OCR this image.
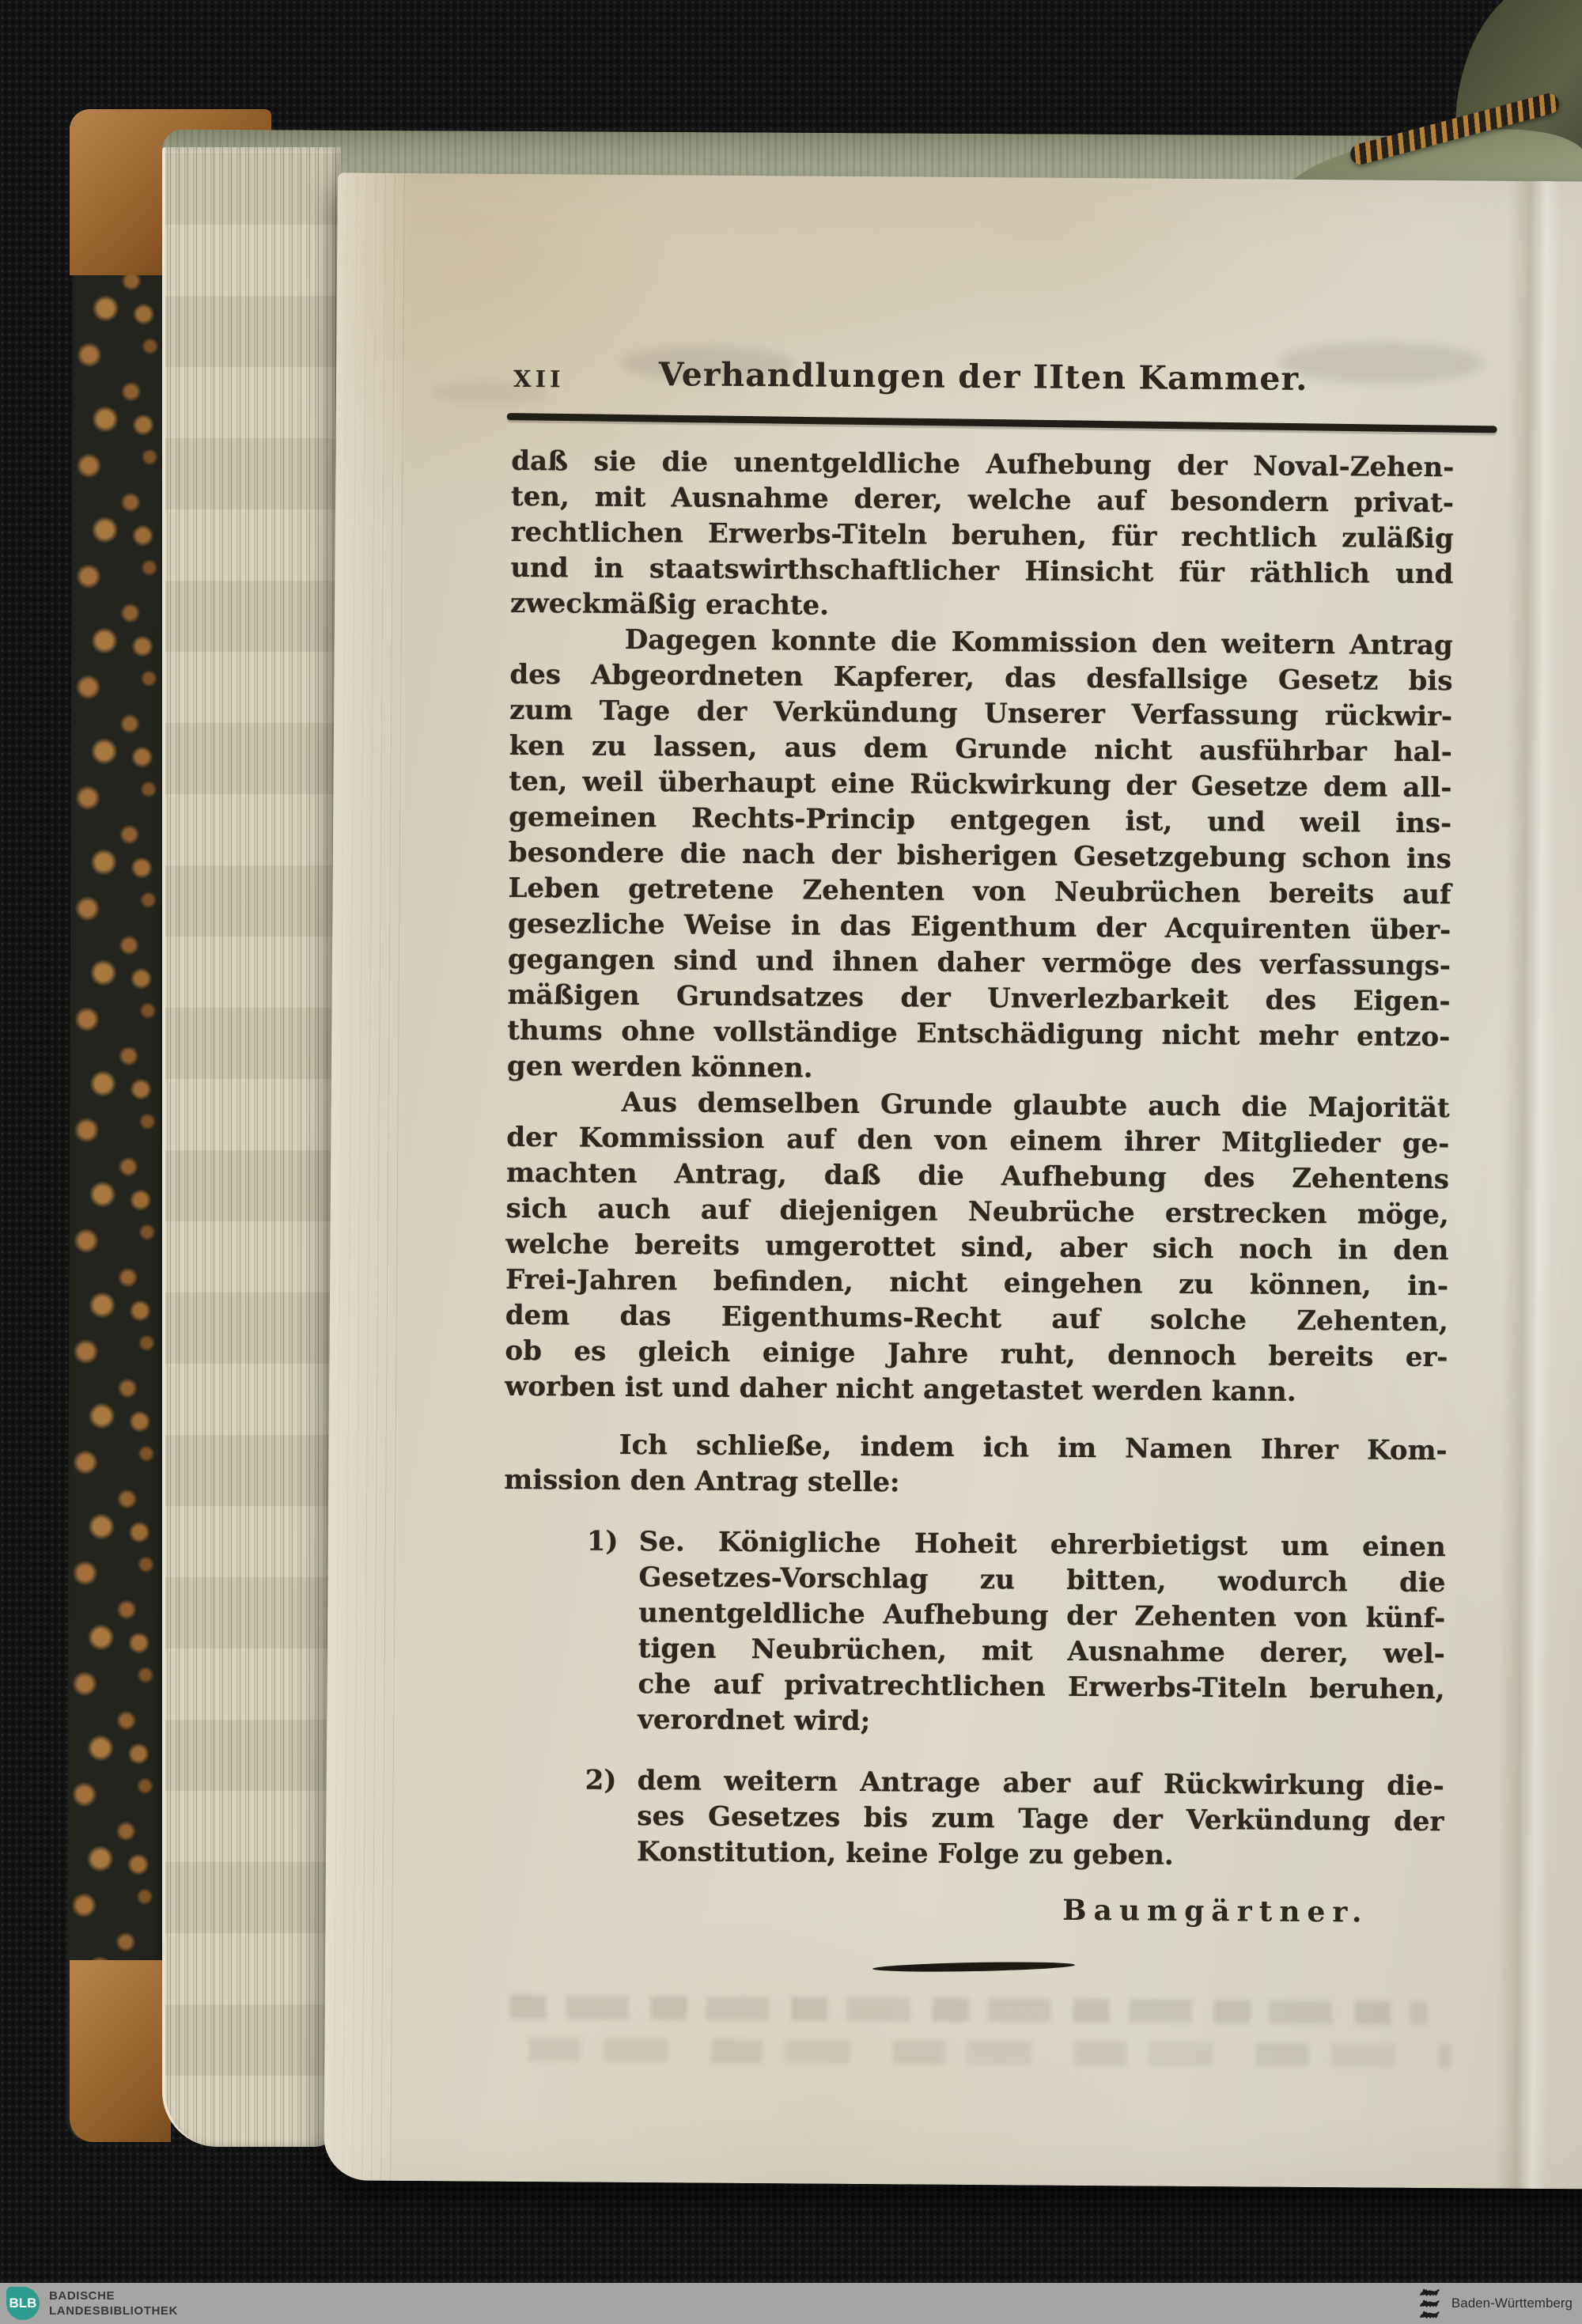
XII	Verhandlungen der IIten Kammer.
daß sie die unentgeldliche Aufhebung der Noval-Zehen-
ten, mit Ausnahme derer, welche auf besondern privat-
rechtlichen Erwerbs-Titeln beruhen, für rechtlich zuläßig
und in staatswirthschaftlicher Hinsicht für räthlich und
zweckmäßig erachte.
Dagegen konnte die Kommission den weitern Antrag
des Abgeordneten Kapferer, das desfallsige Gesetz bis
zum Tage der Verkündung Unserer Verfassung rückwir-
ken zu lassen, aus dem Grunde nicht ausführbar hal-
ten, weil überhaupt eine Rückwirkung der Gesetze dem all-
gemeinen Rechts-Princip entgegen ist, und weil ins-
besondere die nach der bisherigen Gesetzgebung schon ins
Leben getretene Zehenten von Neubrüchen bereits auf
gesezliche Weise in das Eigenthum der Acquirenten über-
gegangen sind und ihnen daher vermöge des verfassungs-
mäßigen Grundsatzes der Unverlezbarkeit des Eigen-
thums ohne vollständige Entschädigung nicht mehr entzo-
gen werden können.
Aus demselben Grunde glaubte auch die Majorität
der Kommission auf den von einem ihrer Mitglieder ge-
machten Antrag, daß die Aufhebung des Zehentens
sich auch auf diejenigen Neubrüche erstrecken möge,
welche bereits umgerottet sind, aber sich noch in den
Frei-Jahren befinden, nicht eingehen zu können, in-
dem das Eigenthums-Recht auf solche Zehenten,
ob es gleich einige Jahre ruht, dennoch bereits er-
worben ist und daher nicht angetastet werden kann.
Ich schließe, indem ich im Namen Ihrer Kom-
mission den Antrag stelle:
1) Se. Königliche Hoheit ehrerbietigst um einen
Gesetzes-Vorschlag zu bitten, wodurch die
unentgeldliche Aufhebung der Zehenten von künf-
tigen Neubrüchen, mit Ausnahme derer, wel-
che auf privatrechtlichen Erwerbs-Titeln beruhen,
verordnet wird;
2) dem weitern Antrage aber auf Rückwirkung die-
ses Gesetzes bis zum Tage der Verkündung der
Konstitution, keine Folge zu geben.
Baumgärtner.
BLB BADISCHE
LANDESBIBLIOTHEK
Baden-Württemberg
